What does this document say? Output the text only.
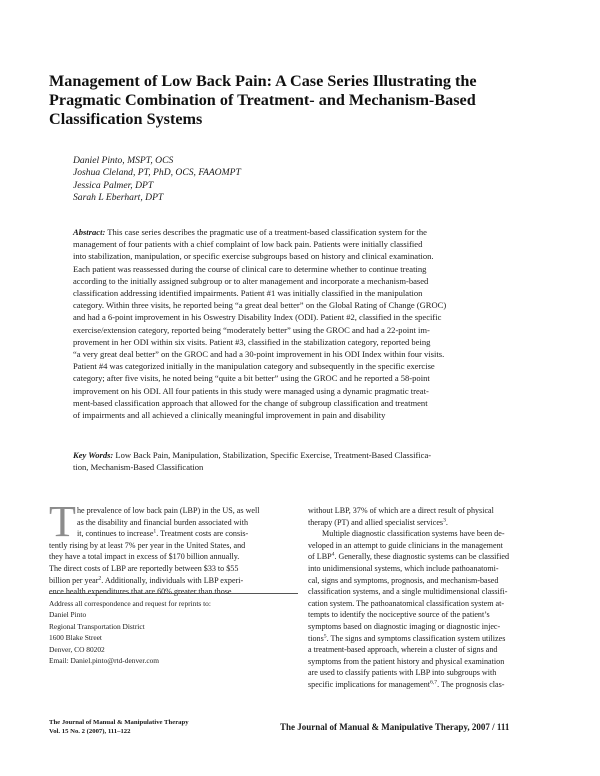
Management of Low Back Pain: A Case Series Illustrating the
Pragmatic Combination of Treatment- and Mechanism-Based
Classification Systems
Daniel Pinto, MSPT, OCS
Joshua Cleland, PT, PhD, OCS, FAAOMPT
Jessica Palmer, DPT
Sarah L Eberhart, DPT
Abstract: This case series describes the pragmatic use of a treatment-based classification system for the
management of four patients with a chief complaint of low back pain. Patients were initially classified
into stabilization, manipulation, or specific exercise subgroups based on history and clinical examination.
Each patient was reassessed during the course of clinical care to determine whether to continue treating
according to the initially assigned subgroup or to alter management and incorporate a mechanism-based
classification addressing identified impairments. Patient #1 was initially classified in the manipulation
category. Within three visits, he reported being “a great deal better” on the Global Rating of Change (GROC)
and had a 6-point improvement in his Oswestry Disability Index (ODI). Patient #2, classified in the specific
exercise/extension category, reported being “moderately better” using the GROC and had a 22-point im-
provement in her ODI within six visits. Patient #3, classified in the stabilization category, reported being
“a very great deal better” on the GROC and had a 30-point improvement in his ODI Index within four visits.
Patient #4 was categorized initially in the manipulation category and subsequently in the specific exercise
category; after five visits, he noted being “quite a bit better” using the GROC and he reported a 58-point
improvement on his ODI. All four patients in this study were managed using a dynamic pragmatic treat-
ment-based classification approach that allowed for the change of subgroup classification and treatment
of impairments and all achieved a clinically meaningful improvement in pain and disability
Key Words: Low Back Pain, Manipulation, Stabilization, Specific Exercise, Treatment-Based Classifica-
tion, Mechanism-Based Classification
T he prevalence of low back pain (LBP) in the US, as well
as the disability and financial burden associated with
it, continues to increase$^1$. Treatment costs are consis-
tently rising by at least 7% per year in the United States, and
they have a total impact in excess of $170 billion annually.
The direct costs of LBP are reportedly between $33 to $55
billion per year$^2$. Additionally, individuals with LBP experi-
ence health expenditures that are 60% greater than those
Address all correspondence and request for reprints to:
Daniel Pinto
Regional Transportation District
1600 Blake Street
Denver, CO 80202
Email: Daniel.pinto@rtd-denver.com
without LBP, 37% of which are a direct result of physical
therapy (PT) and allied specialist services$^3$.
Multiple diagnostic classification systems have been de-
veloped in an attempt to guide clinicians in the management
of LBP$^4$. Generally, these diagnostic systems can be classified
into unidimensional systems, which include pathoanatomi-
cal, signs and symptoms, prognosis, and mechanism-based
classification systems, and a single multidimensional classifi-
cation system. The pathoanatomical classification system at-
tempts to identify the nociceptive source of the patient’s
symptoms based on diagnostic imaging or diagnostic injec-
tions$^5$. The signs and symptoms classification system utilizes
a treatment-based approach, wherein a cluster of signs and
symptoms from the patient history and physical examination
are used to classify patients with LBP into subgroups with
specific implications for management$^{6,7}$. The prognosis clas-
The Journal of Manual & Manipulative Therapy
Vol. 15 No. 2 (2007), 111–122	The Journal of Manual & Manipulative Therapy, 2007 / 111
